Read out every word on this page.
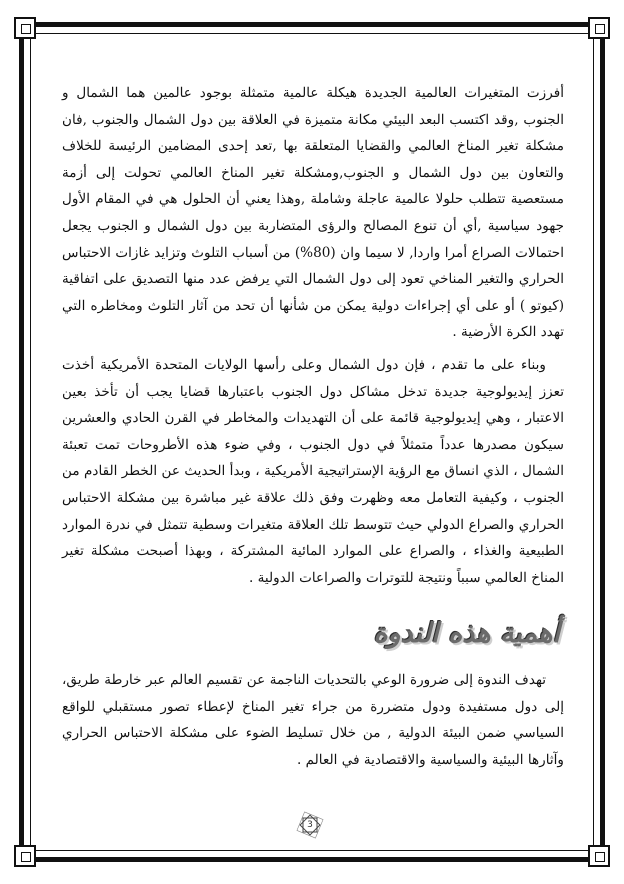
أفرزت المتغيرات العالمية الجديدة هيكلة عالمية متمثلة بوجود عالمين هما الشمال و الجنوب ,وقد اكتسب البعد البيئي مكانة متميزة في العلاقة بين دول الشمال والجنوب ,فان مشكلة تغير المناخ العالمي والقضايا المتعلقة بها ,تعد إحدى المضامين الرئيسة للخلاف والتعاون بين دول الشمال و الجنوب,ومشكلة تغير المناخ العالمي تحولت إلى أزمة مستعصية تتطلب حلولا عالمية عاجلة وشاملة ,وهذا يعني أن الحلول هي في المقام الأول جهود سياسية ,أي أن تنوع المصالح والرؤى المتضاربة بين دول الشمال و الجنوب يجعل احتمالات الصراع أمرا واردا, لا سيما وان (80%) من أسباب التلوث وتزايد غازات الاحتباس الحراري والتغير المناخي تعود إلى دول الشمال التي يرفض عدد منها التصديق على اتفاقية (كيوتو ) أو على أي إجراءات دولية يمكن من شأنها أن تحد من آثار التلوث ومخاطره التي تهدد الكرة الأرضية .

وبناء على ما تقدم ، فإن دول الشمال وعلى رأسها الولايات المتحدة الأمريكية أخذت تعزز إيديولوجية جديدة تدخل مشاكل دول الجنوب باعتبارها قضايا يجب أن تأخذ بعين الاعتبار ، وهي إيديولوجية قائمة على أن التهديدات والمخاطر في القرن الحادي والعشرين سيكون مصدرها عدداً متمثلاً في دول الجنوب ، وفي ضوء هذه الأطروحات تمت تعبئة الشمال ، الذي انساق مع الرؤية الإستراتيجية الأمريكية ، وبدأ الحديث عن الخطر القادم من الجنوب ، وكيفية التعامل معه وظهرت وفق ذلك علاقة غير مباشرة بين مشكلة الاحتباس الحراري والصراع الدولي حيث تتوسط تلك العلاقة متغيرات وسطية تتمثل في ندرة الموارد الطبيعية والغذاء ، والصراع على الموارد المائية المشتركة ، وبهذا أصبحت مشكلة تغير المناخ العالمي سبباً ونتيجة للتوترات والصراعات الدولية .

أهمية هذه الندوة

تهدف الندوة إلى ضرورة الوعي بالتحديات الناجمة عن تقسيم العالم عبر خارطة طريق، إلى دول مستفيدة ودول متضررة من جراء تغير المناخ لإعطاء تصور مستقبلي للواقع السياسي ضمن البيئة الدولية , من خلال تسليط الضوء على مشكلة الاحتباس الحراري وآثارها البيئية والسياسية والاقتصادية في العالم .

3
